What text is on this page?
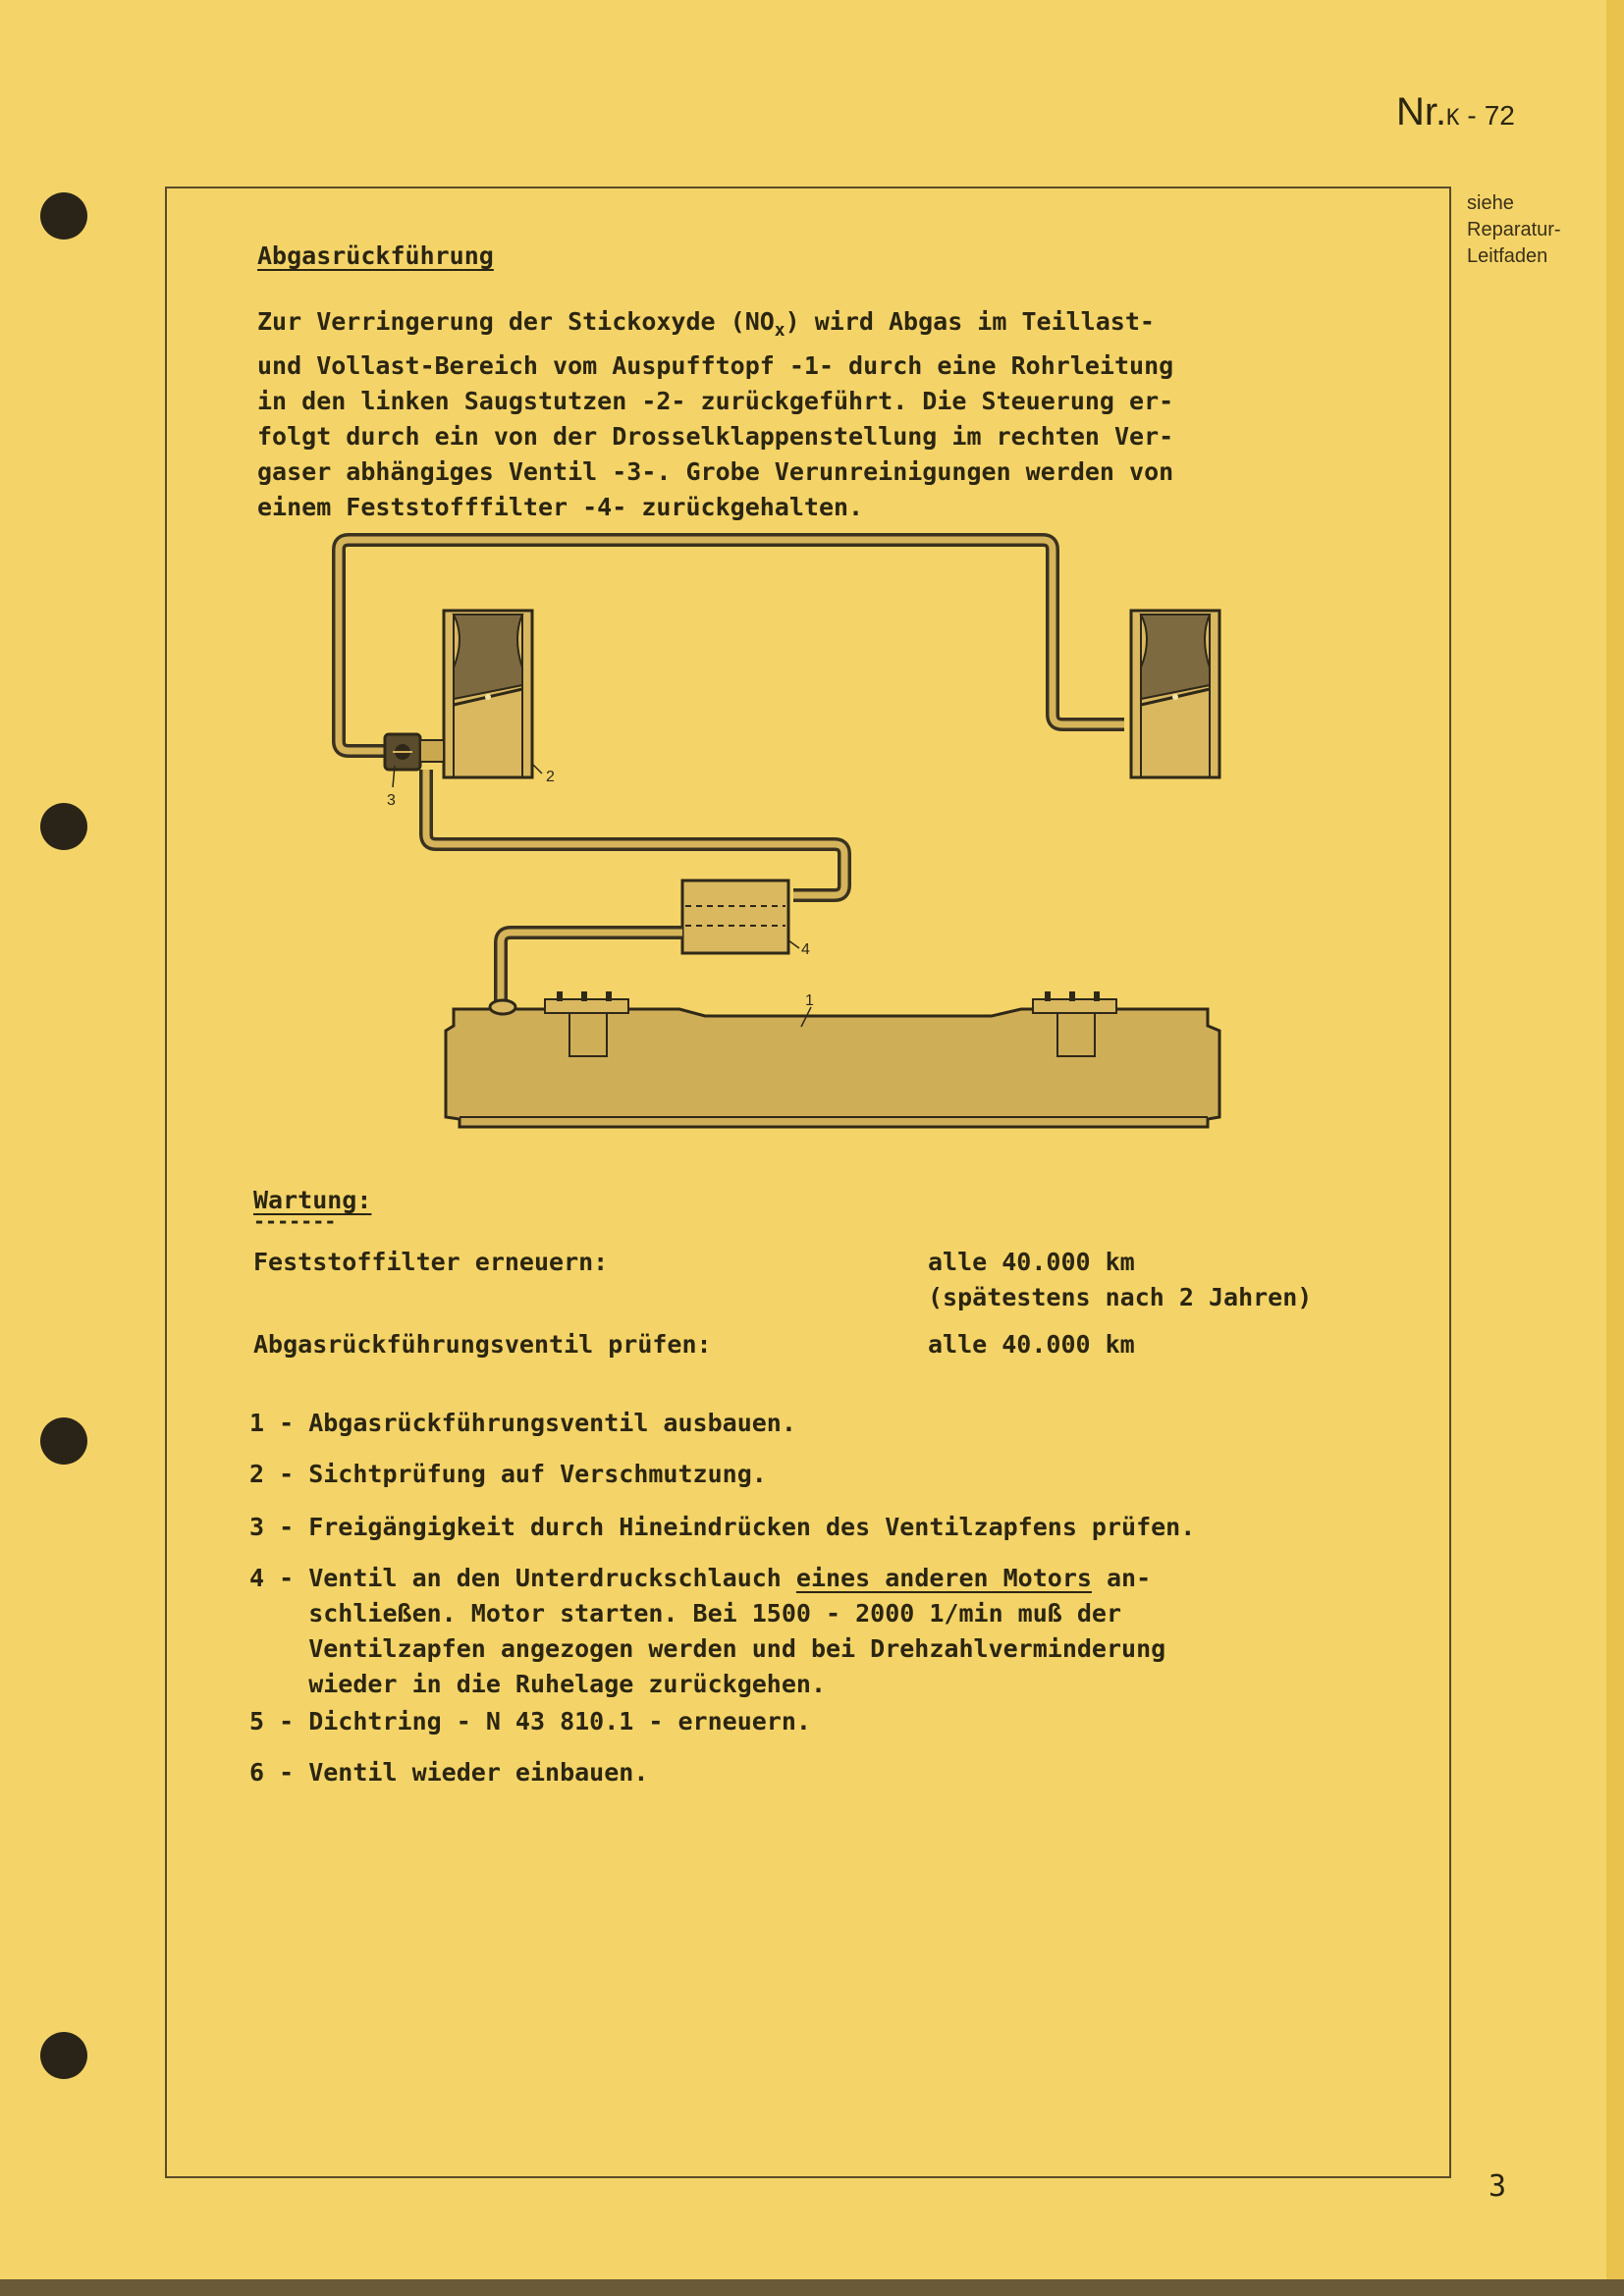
Nr.K - 72
siehe
Reparatur-
Leitfaden
Abgasrückführung
Zur Verringerung der Stickoxyde $(NO_x)$ wird Abgas im Teillast-
und Vollast-Bereich vom Auspufftopf -1- durch eine Rohrleitung
in den linken Saugstutzen -2- zurückgeführt. Die Steuerung er-
folgt durch ein von der Drosselklappenstellung im rechten Ver-
gaser abhängiges Ventil -3-. Grobe Verunreinigungen werden von
einem Feststofffilter -4- zurückgehalten.
2
3
4
1
Wartung:
-------
Feststoffilter erneuern:	alle 40.000 km
(spätestens nach 2 Jahren)
Abgasrückführungsventil prüfen:	alle 40.000 km
1 - Abgasrückführungsventil ausbauen.
2 - Sichtprüfung auf Verschmutzung.
3 - Freigängigkeit durch Hineindrücken des Ventilzapfens prüfen.
4 - Ventil an den Unterdruckschlauch eines anderen Motors an-
schließen. Motor starten. Bei 1500 - 2000 1/min muß der
Ventilzapfen angezogen werden und bei Drehzahlverminderung
wieder in die Ruhelage zurückgehen.
5 - Dichtring - N 43 810.1 - erneuern.
6 - Ventil wieder einbauen.
3
